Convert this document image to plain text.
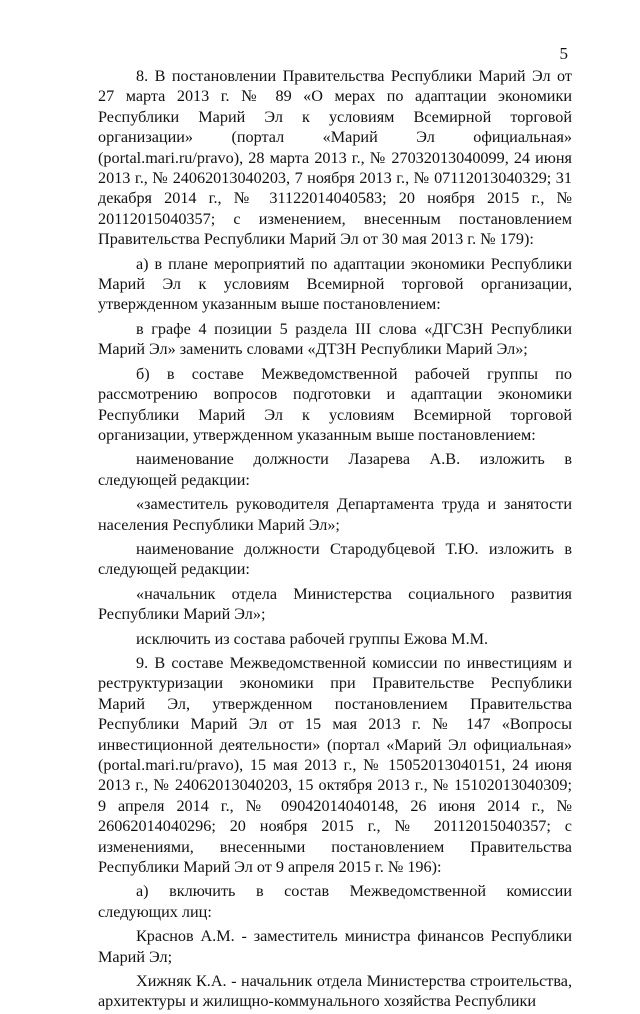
5

8. В постановлении Правительства Республики Марий Эл от 27 марта 2013 г. № 89 «О мерах по адаптации экономики Республики Марий Эл к условиям Всемирной торговой организации» (портал «Марий Эл официальная» (portal.mari.ru/pravo), 28 марта 2013 г., № 27032013040099, 24 июня 2013 г., № 24062013040203, 7 ноября 2013 г., № 07112013040329; 31 декабря 2014 г., № 31122014040583; 20 ноября 2015 г., № 20112015040357; с изменением, внесенным постановлением Правительства Республики Марий Эл от 30 мая 2013 г. № 179):

а) в плане мероприятий по адаптации экономики Республики Марий Эл к условиям Всемирной торговой организации, утвержденном указанным выше постановлением:

в графе 4 позиции 5 раздела III слова «ДГСЗН Республики Марий Эл» заменить словами «ДТЗН Республики Марий Эл»;

б) в составе Межведомственной рабочей группы по рассмотрению вопросов подготовки и адаптации экономики Республики Марий Эл к условиям Всемирной торговой организации, утвержденном указанным выше постановлением:

наименование должности Лазарева А.В. изложить в следующей редакции:

«заместитель руководителя Департамента труда и занятости населения Республики Марий Эл»;

наименование должности Стародубцевой Т.Ю. изложить в следующей редакции:

«начальник отдела Министерства социального развития Республики Марий Эл»;

исключить из состава рабочей группы Ежова М.М.

9. В составе Межведомственной комиссии по инвестициям и реструктуризации экономики при Правительстве Республики Марий Эл, утвержденном постановлением Правительства Республики Марий Эл от 15 мая 2013 г. № 147 «Вопросы инвестиционной деятельности» (портал «Марий Эл официальная» (portal.mari.ru/pravo), 15 мая 2013 г., № 15052013040151, 24 июня 2013 г., № 24062013040203, 15 октября 2013 г., № 15102013040309; 9 апреля 2014 г., № 09042014040148, 26 июня 2014 г., № 26062014040296; 20 ноября 2015 г., № 20112015040357; с изменениями, внесенными постановлением Правительства Республики Марий Эл от 9 апреля 2015 г. № 196):

а) включить в состав Межведомственной комиссии следующих лиц:

Краснов А.М. - заместитель министра финансов Республики Марий Эл;

Хижняк К.А. - начальник отдела Министерства строительства, архитектуры и жилищно-коммунального хозяйства Республики
